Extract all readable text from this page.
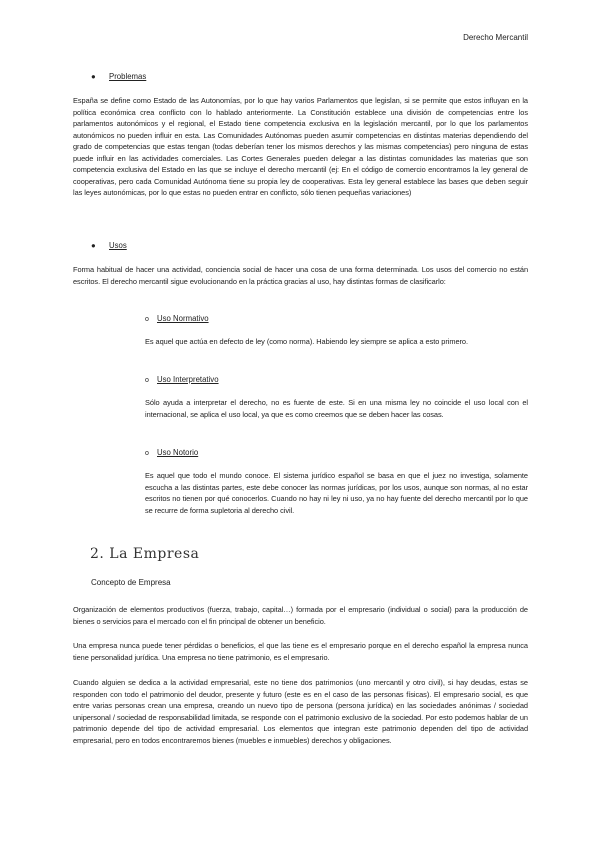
Derecho Mercantil
● Problemas

España se define como Estado de las Autonomías, por lo que hay varios Parlamentos que legislan, si se permite que estos influyan en la política económica crea conflicto con lo hablado anteriormente. La Constitución establece una división de competencias entre los parlamentos autonómicos y el regional, el Estado tiene competencia exclusiva en la legislación mercantil, por lo que los parlamentos autonómicos no pueden influir en esta. Las Comunidades Autónomas pueden asumir competencias en distintas materias dependiendo del grado de competencias que estas tengan (todas deberían tener los mismos derechos y las mismas competencias) pero ninguna de estas puede influir en las actividades comerciales. Las Cortes Generales pueden delegar a las distintas comunidades las materias que son competencia exclusiva del Estado en las que se incluye el derecho mercantil (ej: En el código de comercio encontramos la ley general de cooperativas, pero cada Comunidad Autónoma tiene su propia ley de cooperativas. Esta ley general establece las bases que deben seguir las leyes autonómicas, por lo que estas no pueden entrar en conflicto, sólo tienen pequeñas variaciones)

● Usos

Forma habitual de hacer una actividad, conciencia social de hacer una cosa de una forma determinada. Los usos del comercio no están escritos. El derecho mercantil sigue evolucionando en la práctica gracias al uso, hay distintas formas de clasificarlo:

o Uso Normativo

Es aquel que actúa en defecto de ley (como norma). Habiendo ley siempre se aplica a esto primero.

o Uso Interpretativo

Sólo ayuda a interpretar el derecho, no es fuente de este. Si en una misma ley no coincide el uso local con el internacional, se aplica el uso local, ya que es como creemos que se deben hacer las cosas.

o Uso Notorio

Es aquel que todo el mundo conoce. El sistema jurídico español se basa en que el juez no investiga, solamente escucha a las distintas partes, este debe conocer las normas jurídicas, por los usos, aunque son normas, al no estar escritos no tienen por qué conocerlos. Cuando no hay ni ley ni uso, ya no hay fuente del derecho mercantil por lo que se recurre de forma supletoria al derecho civil.

2. La Empresa
Concepto de Empresa

Organización de elementos productivos (fuerza, trabajo, capital…) formada por el empresario (individual o social) para la producción de bienes o servicios para el mercado con el fin principal de obtener un beneficio.

Una empresa nunca puede tener pérdidas o beneficios, el que las tiene es el empresario porque en el derecho español la empresa nunca tiene personalidad jurídica. Una empresa no tiene patrimonio, es el empresario.

Cuando alguien se dedica a la actividad empresarial, este no tiene dos patrimonios (uno mercantil y otro civil), si hay deudas, estas se responden con todo el patrimonio del deudor, presente y futuro (este es en el caso de las personas físicas). El empresario social, es que entre varias personas crean una empresa, creando un nuevo tipo de persona (persona jurídica) en las sociedades anónimas / sociedad unipersonal / sociedad de responsabilidad limitada, se responde con el patrimonio exclusivo de la sociedad. Por esto podemos hablar de un patrimonio depende del tipo de actividad empresarial. Los elementos que integran este patrimonio dependen del tipo de actividad empresarial, pero en todos encontraremos bienes (muebles e inmuebles) derechos y obligaciones.
